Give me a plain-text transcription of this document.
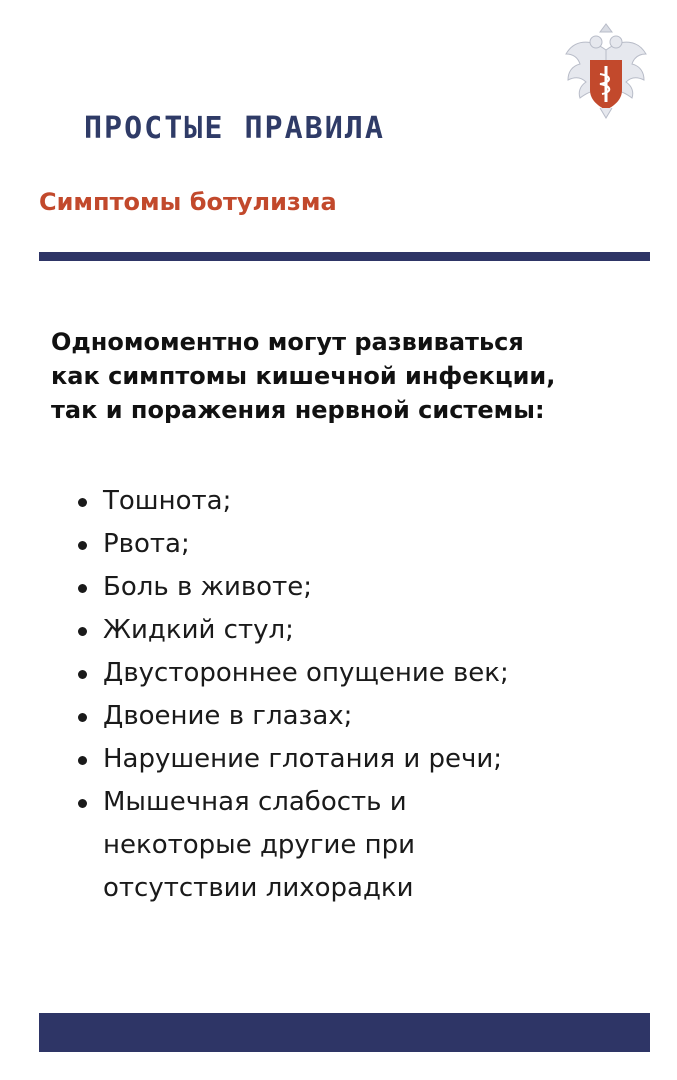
ПРОСТЫЕ ПРАВИЛА
Симптомы ботулизма
Одномоментно могут развиваться
как симптомы кишечной инфекции,
так и поражения нервной системы:
Тошнота;
Рвота;
Боль в животе;
Жидкий стул;
Двустороннее опущение век;
Двоение в глазах;
Нарушение глотания и речи;
Мышечная слабость и
некоторые другие при
отсутствии лихорадки
